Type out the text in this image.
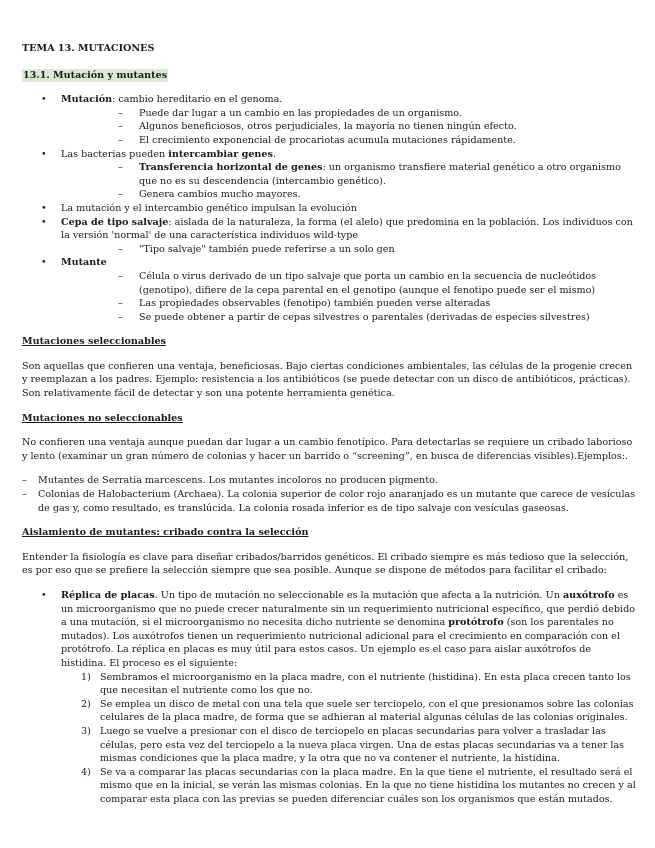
TEMA 13. MUTACIONES

13.1. Mutación y mutantes
• Mutación: cambio hereditario en el genoma.
– Puede dar lugar a un cambio en las propiedades de un organismo.
– Algunos beneficiosos, otros perjudiciales, la mayoría no tienen ningún efecto.
– El crecimiento exponencial de procariotas acumula mutaciones rápidamente.
• Las bacterias pueden intercambiar genes.
– Transferencia horizontal de genes: un organismo transfiere material genético a otro organismo que no es su descendencia (intercambio genético).
– Genera cambios mucho mayores.
• La mutación y el intercambio genético impulsan la evolución
• Cepa de tipo salvaje: aislada de la naturaleza, la forma (el alelo) que predomina en la población. Los individuos con la versión 'normal' de una característica individuos wild-type
– "Tipo salvaje" también puede referirse a un solo gen
• Mutante
– Célula o virus derivado de un tipo salvaje que porta un cambio en la secuencia de nucleótidos (genotipo), difiere de la cepa parental en el genotipo (aunque el fenotipo puede ser el mismo)
– Las propiedades observables (fenotipo) también pueden verse alteradas
– Se puede obtener a partir de cepas silvestres o parentales (derivadas de especies silvestres)

Mutaciones seleccionables

Son aquellas que confieren una ventaja, beneficiosas. Bajo ciertas condiciones ambientales, las células de la progenie crecen y reemplazan a los padres. Ejemplo: resistencia a los antibióticos (se puede detectar con un disco de antibióticos, prácticas). Son relativamente fácil de detectar y son una potente herramienta genética.

Mutaciones no seleccionables

No confieren una ventaja aunque puedan dar lugar a un cambio fenotípico. Para detectarlas se requiere un cribado laborioso y lento (examinar un gran número de colonias y hacer un barrido o “screening”, en busca de diferencias visibles).Ejemplos:.

– Mutantes de Serratia marcescens. Los mutantes incoloros no producen pigmento.
– Colonias de Halobacterium (Archaea). La colonia superior de color rojo anaranjado es un mutante que carece de vesículas de gas y, como resultado, es translúcida. La colonia rosada inferior es de tipo salvaje con vesículas gaseosas.

Aislamiento de mutantes: cribado contra la selección

Entender la fisiología es clave para diseñar cribados/barridos genéticos. El cribado siempre es más tedioso que la selección, es por eso que se prefiere la selección siempre que sea posible. Aunque se dispone de métodos para facilitar el cribado:

• Réplica de placas. Un tipo de mutación no seleccionable es la mutación que afecta a la nutrición. Un auxótrofo es un microorganismo que no puede crecer naturalmente sin un requerimiento nutricional específico, que perdió debido a una mutación, si el microorganismo no necesita dicho nutriente se denomina protótrofo (son los parentales no mutados). Los auxótrofos tienen un requerimiento nutricional adicional para el crecimiento en comparación con el protótrofo. La réplica en placas es muy útil para estos casos. Un ejemplo es el caso para aislar auxótrofos de histidina. El proceso es el siguiente:
1) Sembramos el microorganismo en la placa madre, con el nutriente (histidina). En esta placa crecen tanto los que necesitan el nutriente como los que no.
2) Se emplea un disco de metal con una tela que suele ser terciopelo, con el que presionamos sobre las colonias celulares de la placa madre, de forma que se adhieran al material algunas células de las colonias originales.
3) Luego se vuelve a presionar con el disco de terciopelo en placas secundarias para volver a trasladar las células, pero esta vez del terciopelo a la nueva placa virgen. Una de estas placas secundarias va a tener las mismas condiciones que la placa madre, y la otra que no va contener el nutriente, la histidina.
4) Se va a comparar las placas secundarias con la placa madre. En la que tiene el nutriente, el resultado será el mismo que en la inicial, se verán las mismas colonias. En la que no tiene histidina los mutantes no crecen y al comparar esta placa con las previas se pueden diferenciar cuáles son los organismos que están mutados.
